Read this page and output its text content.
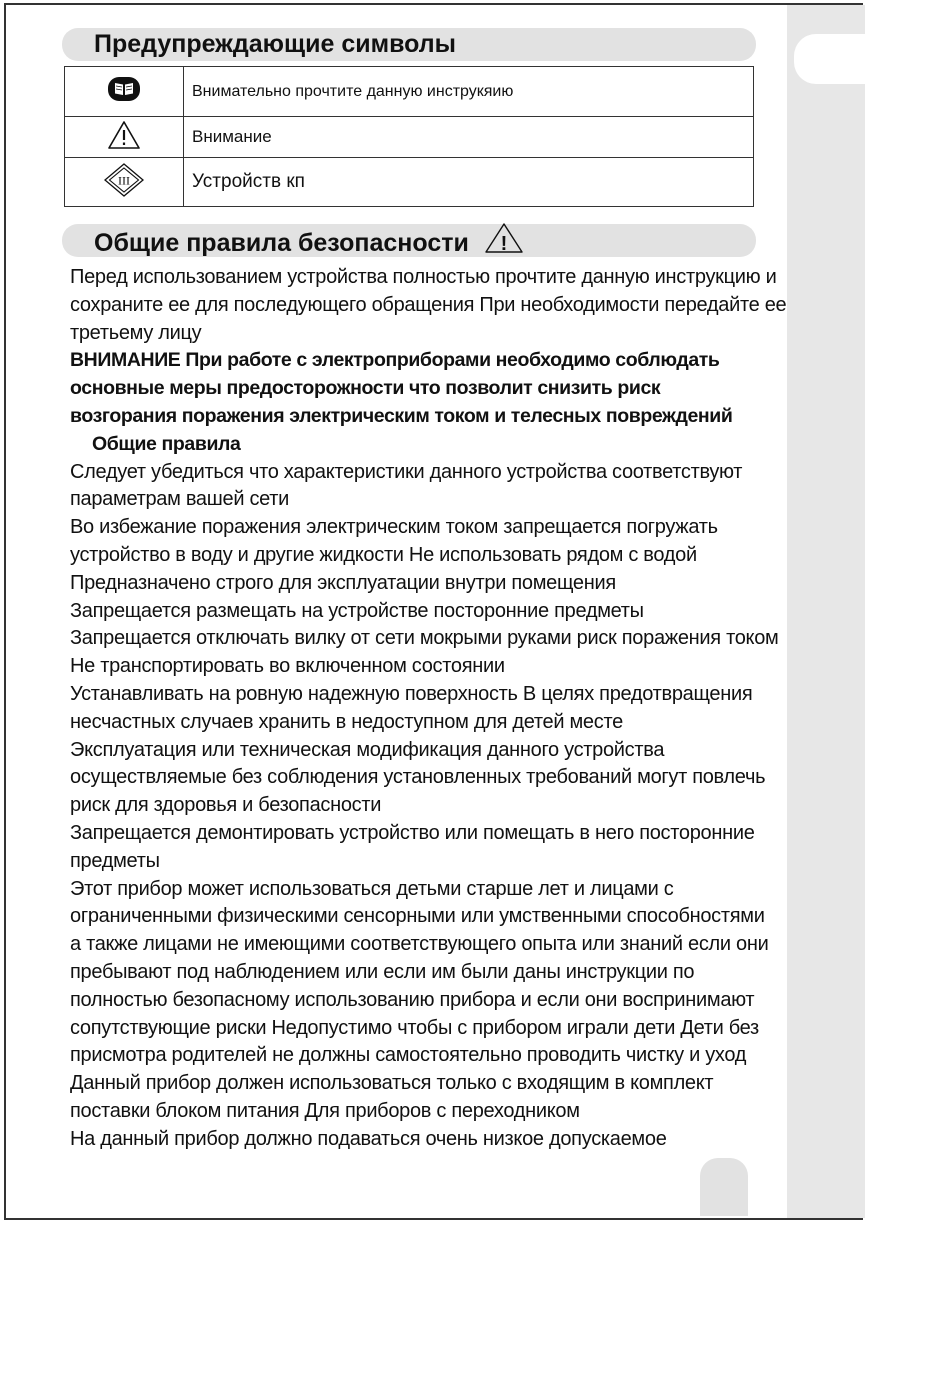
Предупреждающие символы
	Внимательно прочтите данную инструкяию
	Внимание

III	Устройств кп
Общие правила безопасности !
Перед использованием устройства полностью прочтите данную инструкцию и
сохраните ее для последующего обращения При необходимости передайте ее
третьему лицу
ВНИМАНИЕ При работе с электроприборами необходимо соблюдать
основные меры предосторожности что позволит снизить риск
возгорания поражения электрическим током и телесных повреждений
Общие правила
Следует убедиться что характеристики данного устройства соответствуют
параметрам вашей сети
Во избежание поражения электрическим током запрещается погружать
устройство в воду и другие жидкости Не использовать рядом с водой
Предназначено строго для эксплуатации внутри помещения
Запрещается размещать на устройстве посторонние предметы
Запрещается отключать вилку от сети мокрыми руками риск поражения током
Не транспортировать во включенном состоянии
Устанавливать на ровную надежную поверхность В целях предотвращения
несчастных случаев хранить в недоступном для детей месте
Эксплуатация или техническая модификация данного устройства
осуществляемые без соблюдения установленных требований могут повлечь
риск для здоровья и безопасности
Запрещается демонтировать устройство или помещать в него посторонние
предметы
Этот прибор может использоваться детьми старше лет и лицами с
ограниченными физическими сенсорными или умственными способностями
а также лицами не имеющими соответствующего опыта или знаний если они
пребывают под наблюдением или если им были даны инструкции по
полностью безопасному использованию прибора и если они воспринимают
сопутствующие риски Недопустимо чтобы с прибором играли дети Дети без
присмотра родителей не должны самостоятельно проводить чистку и уход
Данный прибор должен использоваться только с входящим в комплект
поставки блоком питания Для приборов с переходником
На данный прибор должно подаваться очень низкое допускаемое
